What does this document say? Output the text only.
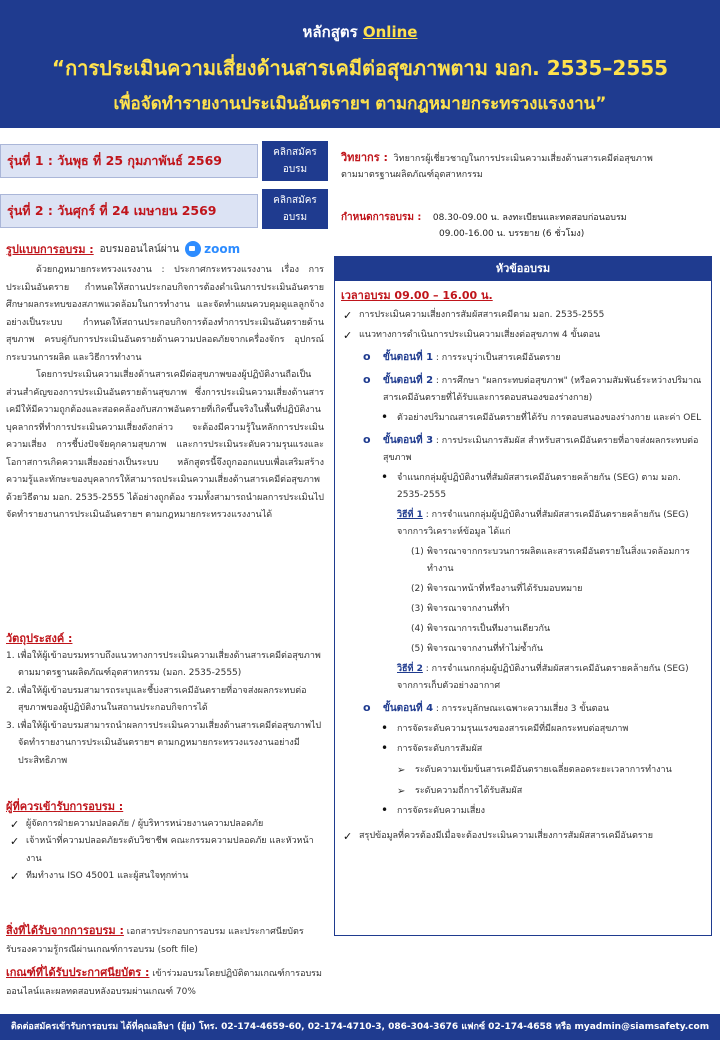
หลักสูตร Online
“การประเมินความเสี่ยงด้านสารเคมีต่อสุขภาพตาม มอก. 2535–2555
เพื่อจัดทำรายงานประเมินอันตรายฯ ตามกฎหมายกระทรวงแรงงาน”
รุ่นที่ 1 : วันพุธ ที่ 25 กุมภาพันธ์ 2569
คลิกสมัคร
อบรม
รุ่นที่ 2 : วันศุกร์ ที่ 24 เมษายน 2569
คลิกสมัคร
อบรม
วิทยากร : วิทยากรผู้เชี่ยวชาญในการประเมินความเสี่ยงด้านสารเคมีต่อสุขภาพ
ตามมาตรฐานผลิตภัณฑ์อุตสาหกรรม
กำหนดการอบรม : 08.30-09.00 น. ลงทะเบียนและทดสอบก่อนอบรม
09.00-16.00 น. บรรยาย (6 ชั่วโมง)
รูปแบบการอบรม : อบรมออนไลน์ผ่าน zoom

ด้วยกฎหมายกระทรวงแรงงาน : ประกาศกระทรวงแรงงาน เรื่อง การประเมินอันตราย กำหนดให้สถานประกอบกิจการต้องดำเนินการประเมินอันตราย ศึกษาผลกระทบของสภาพแวดล้อมในการทำงาน และจัดทำแผนควบคุมดูแลลูกจ้างอย่างเป็นระบบ กำหนดให้สถานประกอบกิจการต้องทำการประเมินอันตรายด้านสุขภาพ ครบคู่กับการประเมินอันตรายด้านความปลอดภัยจากเครื่องจักร อุปกรณ์ กระบวนการผลิต และวิธีการทำงาน

โดยการประเมินความเสี่ยงด้านสารเคมีต่อสุขภาพของผู้ปฏิบัติงานถือเป็นส่วนสำคัญของการประเมินอันตรายด้านสุขภาพ ซึ่งการประเมินความเสี่ยงด้านสารเคมีให้มีความถูกต้องและสอดคล้องกับสภาพอันตรายที่เกิดขึ้นจริงในพื้นที่ปฏิบัติงาน บุคลากรที่ทำการประเมินความเสี่ยงดังกล่าว จะต้องมีความรู้ในหลักการประเมินความเสี่ยง การชี้บ่งปัจจัยคุกคามสุขภาพ และการประเมินระดับความรุนแรงและโอกาสการเกิดความเสี่ยงอย่างเป็นระบบ หลักสูตรนี้จึงถูกออกแบบเพื่อเสริมสร้างความรู้และทักษะของบุคลากรให้สามารถประเมินความเสี่ยงด้านสารเคมีต่อสุขภาพ ด้วยวิธีตาม มอก. 2535-2555 ได้อย่างถูกต้อง รวมทั้งสามารถนำผลการประเมินไปจัดทำรายงานการประเมินอันตรายฯ ตามกฎหมายกระทรวงแรงงานได้

วัตถุประสงค์ :
1. เพื่อให้ผู้เข้าอบรมทราบถึงแนวทางการประเมินความเสี่ยงด้านสารเคมีต่อสุขภาพตามมาตรฐานผลิตภัณฑ์อุตสาหกรรม (มอก. 2535-2555)
2. เพื่อให้ผู้เข้าอบรมสามารถระบุและชี้บ่งสารเคมีอันตรายที่อาจส่งผลกระทบต่อสุขภาพของผู้ปฏิบัติงานในสถานประกอบกิจการได้
3. เพื่อให้ผู้เข้าอบรมสามารถนำผลการประเมินความเสี่ยงด้านสารเคมีต่อสุขภาพไปจัดทำรายงานการประเมินอันตรายฯ ตามกฎหมายกระทรวงแรงงานอย่างมีประสิทธิภาพ
ผู้ที่ควรเข้ารับการอบรม :
✓ ผู้จัดการฝ่ายความปลอดภัย / ผู้บริหารหน่วยงานความปลอดภัย
✓ เจ้าหน้าที่ความปลอดภัยระดับวิชาชีพ คณะกรรมความปลอดภัย และหัวหน้างาน
✓ ทีมทำงาน ISO 45001 และผู้สนใจทุกท่าน
สิ่งที่ได้รับจากการอบรม : เอกสารประกอบการอบรม และประกาศนียบัตรรับรองความรู้กรณีผ่านเกณฑ์การอบรม (soft file)
เกณฑ์ที่ได้รับประกาศนียบัตร : เข้าร่วมอบรมโดยปฏิบัติตามเกณฑ์การอบรมออนไลน์และผลทดสอบหลังอบรมผ่านเกณฑ์ 70%
หัวข้ออบรม
เวลาอบรม 09.00 – 16.00 น.
✓ การประเมินความเสี่ยงการสัมผัสสารเคมีตาม มอก. 2535-2555
✓ แนวทางการดำเนินการประเมินความเสี่ยงต่อสุขภาพ 4 ขั้นตอน
o ขั้นตอนที่ 1 : การระบุว่าเป็นสารเคมีอันตราย
o ขั้นตอนที่ 2 : การศึกษา "ผลกระทบต่อสุขภาพ" (หรือความสัมพันธ์ระหว่างปริมาณสารเคมีอันตรายที่ได้รับและการตอบสนองของร่างกาย)
• ตัวอย่างปริมาณสารเคมีอันตรายที่ได้รับ การตอบสนองของร่างกาย และค่า OEL
o ขั้นตอนที่ 3 : การประเมินการสัมผัส สำหรับสารเคมีอันตรายที่อาจส่งผลกระทบต่อสุขภาพ
• จำแนกกลุ่มผู้ปฏิบัติงานที่สัมผัสสารเคมีอันตรายคล้ายกัน (SEG) ตาม มอก. 2535-2555
วิธีที่ 1 : การจำแนกกลุ่มผู้ปฏิบัติงานที่สัมผัสสารเคมีอันตรายคล้ายกัน (SEG) จากการวิเคราะห์ข้อมูล ได้แก่
(1) พิจารณาจากกระบวนการผลิตและสารเคมีอันตรายในสิ่งแวดล้อมการทำงาน
(2) พิจารณาหน้าที่หรืองานที่ได้รับมอบหมาย
(3) พิจารณาจากงานที่ทำ
(4) พิจารณาการเป็นทีมงานเดียวกัน
(5) พิจารณาจากงานที่ทำไม่ซ้ำกัน
วิธีที่ 2 : การจำแนกกลุ่มผู้ปฏิบัติงานที่สัมผัสสารเคมีอันตรายคล้ายกัน (SEG) จากการเก็บตัวอย่างอากาศ
o ขั้นตอนที่ 4 : การระบุลักษณะเฉพาะความเสี่ยง 3 ขั้นตอน
• การจัดระดับความรุนแรงของสารเคมีที่มีผลกระทบต่อสุขภาพ
• การจัดระดับการสัมผัส
➢ ระดับความเข้มข้นสารเคมีอันตรายเฉลี่ยตลอดระยะเวลาการทำงาน
➢ ระดับความถี่การได้รับสัมผัส
• การจัดระดับความเสี่ยง
✓ สรุปข้อมูลที่ควรต้องมีเมื่อจะต้องประเมินความเสี่ยงการสัมผัสสารเคมีอันตราย
ติดต่อสมัครเข้ารับการอบรม ได้ที่คุณอลิษา (ยุ้ย) โทร. 02-174-4659-60, 02-174-4710-3, 086-304-3676 แฟกซ์ 02-174-4658 หรือ myadmin@siamsafety.com
